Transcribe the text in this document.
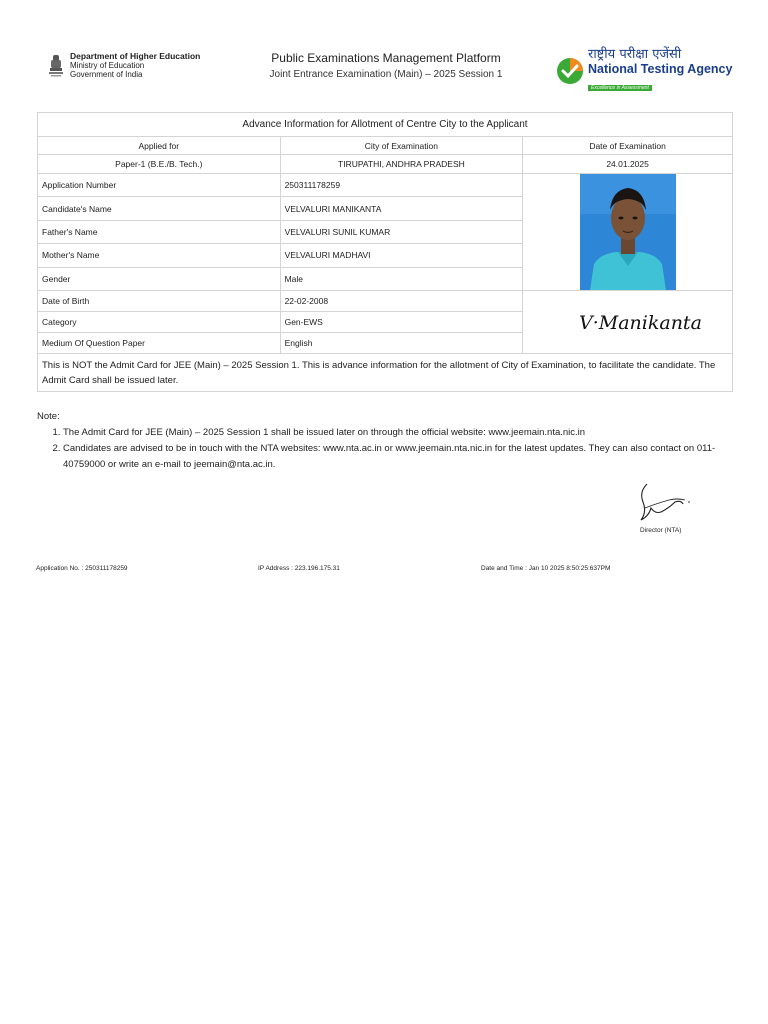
Department of Higher Education
Ministry of Education
Government of India
Public Examinations Management Platform
Joint Entrance Examination (Main) – 2025 Session 1
राष्ट्रीय परीक्षा एजेंसी
National Testing Agency
Excellence in Assessment
Advance Information for Allotment of Centre City to the Applicant		
Applied for	City of Examination	Date of Examination
Paper-1 (B.E./B. Tech.)	TIRUPATHI, ANDHRA PRADESH	24.01.2025
Application Number	250311178259	

Candidate's Name	VELVALURI MANIKANTA	
Father's Name	VELVALURI SUNIL KUMAR	
Mother's Name	VELVALURI MADHAVI	
Gender	Male	
Date of Birth	22-02-2008	V·Manikanta

Category	Gen-EWS	
Medium Of Question Paper	English	
This is NOT the Admit Card for JEE (Main) – 2025 Session 1. This is advance information for the allotment of City of Examination, to facilitate the candidate. The Admit Card shall be issued later.		
Note:
1. The Admit Card for JEE (Main) – 2025 Session 1 shall be issued later on through the official website: www.jeemain.nta.nic.in
2. Candidates are advised to be in touch with the NTA websites: www.nta.ac.in or www.jeemain.nta.nic.in for the latest updates. They can also contact on 011-40759000 or write an e-mail to jeemain@nta.ac.in.
Director (NTA)
Application No. : 250311178259	IP Address : 223.196.175.31	Date and Time : Jan 10 2025 8:50:25:637PM
